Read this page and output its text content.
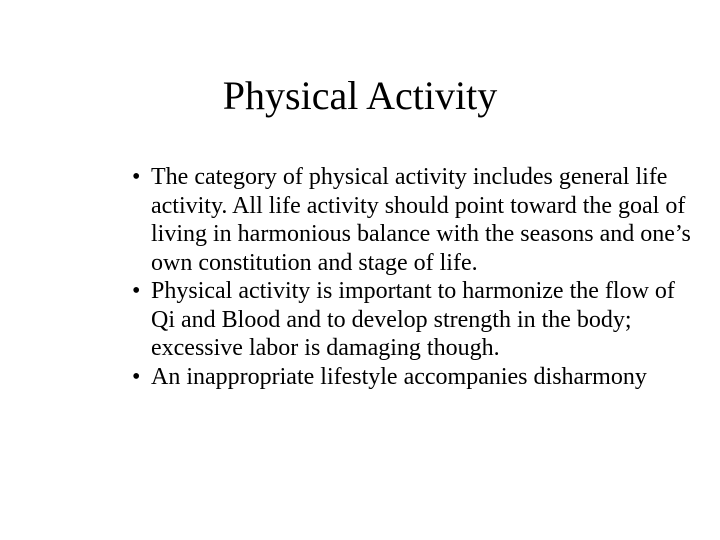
Physical Activity
• The category of physical activity includes general life activity. All life activity should point toward the goal of living in harmonious balance with the seasons and one’s own constitution and stage of life.
• Physical activity is important to harmonize the flow of Qi and Blood and to develop strength in the body; excessive labor is damaging though.
• An inappropriate lifestyle accompanies disharmony
